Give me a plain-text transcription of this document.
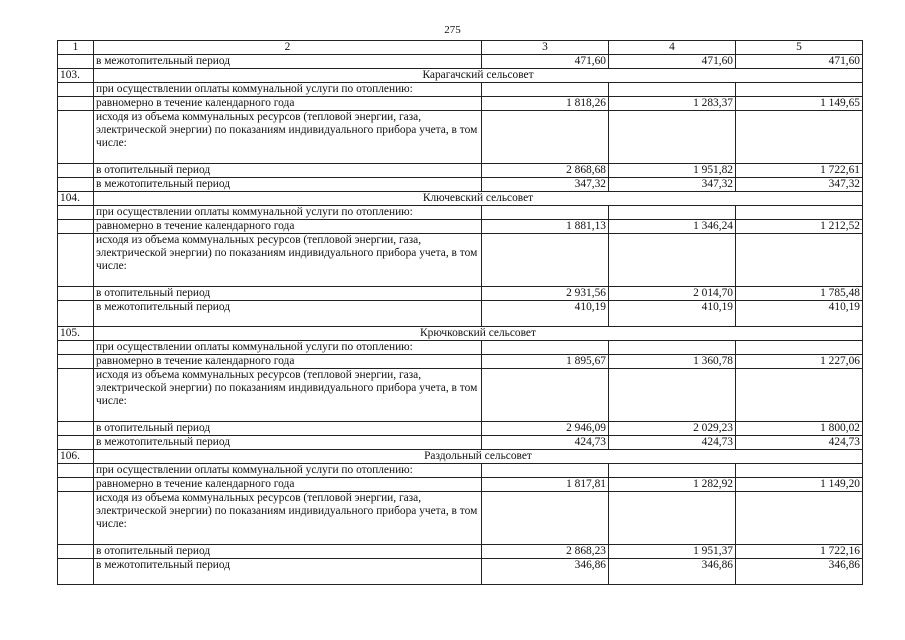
275
1	2	3	4	5
	в межотопительный период	471,60	471,60	471,60
103.	Карагачский сельсовет			
	при осуществлении оплаты коммунальной услуги по отоплению:			
	равномерно в течение календарного года	1 818,26	1 283,37	1 149,65
	исходя из объема коммунальных ресурсов (тепловой энергии, газа, электрической энергии) по показаниям индивидуального прибора учета, в том числе:			
	в отопительный период	2 868,68	1 951,82	1 722,61
	в межотопительный период	347,32	347,32	347,32
104.	Ключевский сельсовет			
	при осуществлении оплаты коммунальной услуги по отоплению:			
	равномерно в течение календарного года	1 881,13	1 346,24	1 212,52
	исходя из объема коммунальных ресурсов (тепловой энергии, газа, электрической энергии) по показаниям индивидуального прибора учета, в том числе:			
	в отопительный период	2 931,56	2 014,70	1 785,48
	в межотопительный период	410,19	410,19	410,19
105.	Крючковский сельсовет			
	при осуществлении оплаты коммунальной услуги по отоплению:			
	равномерно в течение календарного года	1 895,67	1 360,78	1 227,06
	исходя из объема коммунальных ресурсов (тепловой энергии, газа, электрической энергии) по показаниям индивидуального прибора учета, в том числе:			
	в отопительный период	2 946,09	2 029,23	1 800,02
	в межотопительный период	424,73	424,73	424,73
106.	Раздольный сельсовет			
	при осуществлении оплаты коммунальной услуги по отоплению:			
	равномерно в течение календарного года	1 817,81	1 282,92	1 149,20
	исходя из объема коммунальных ресурсов (тепловой энергии, газа, электрической энергии) по показаниям индивидуального прибора учета, в том числе:			
	в отопительный период	2 868,23	1 951,37	1 722,16
	в межотопительный период	346,86	346,86	346,86
